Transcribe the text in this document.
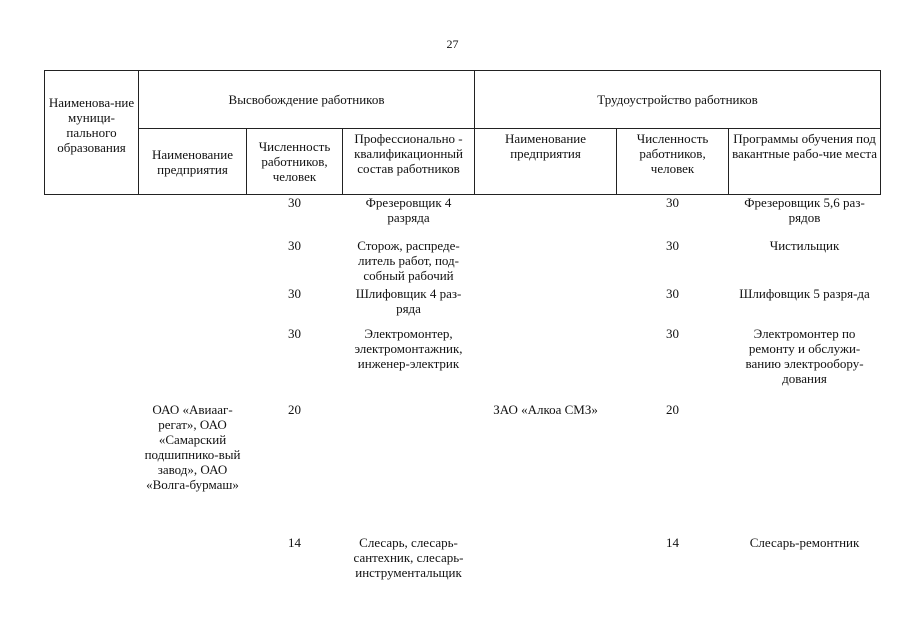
27
Наименова-ние муници-пального образования	Высвобождение работников			Трудоустройство работников		
	Наименование предприятия	Численность работников, человек	Профессионально - квалификационный состав работников	Наименование предприятия	Численность работников, человек	Программы обучения под вакантные рабо-чие места
		30	Фрезеровщик 4 разряда		30	Фрезеровщик 5,6 раз-рядов
		30	Сторож, распреде-литель работ, под-собный рабочий		30	Чистильщик
		30	Шлифовщик 4 раз-ряда		30	Шлифовщик 5 разря-да
		30	Электромонтер, электромонтажник, инженер-электрик		30	Электромонтер по ремонту и обслужи-ванию электрообору-дования
	ОАО «Авиааг-регат», ОАО «Самарский подшипнико-вый завод», ОАО «Волга-бурмаш»	20		ЗАО «Алкоа СМЗ»	20	
		14	Слесарь, слесарь-сантехник, слесарь-инструментальщик		14	Слесарь-ремонтник
